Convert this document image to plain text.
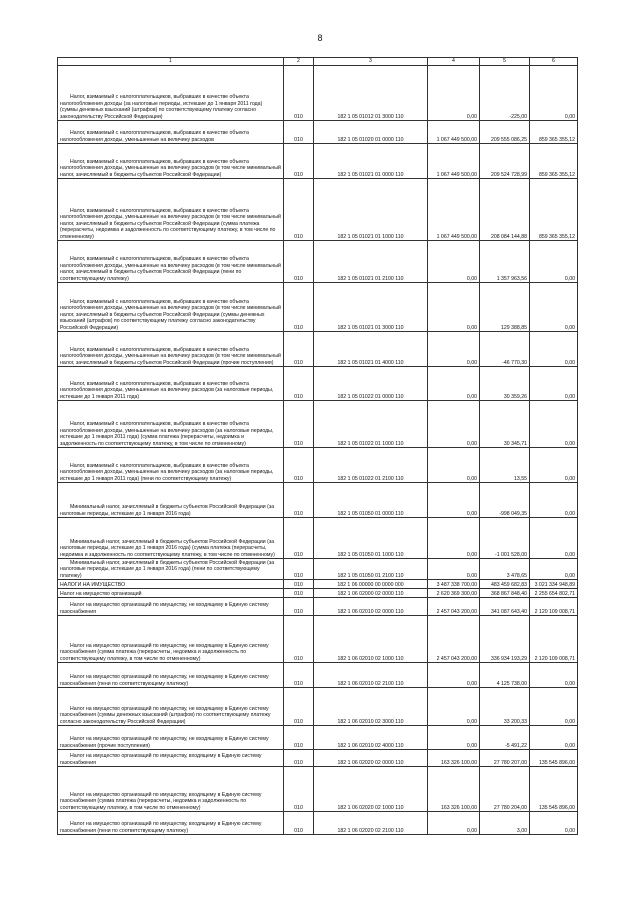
8
1	2	3	4	5	6
Налог, взимаемый с налогоплательщиков, выбравших в качестве объекта налогообложения доходы (за налоговые периоды, истекшие до 1 января 2011 года) (суммы денежных взысканий (штрафов) по соответствующему платежу согласно законодательству Российской Федерации)	010	182 1 05 01012 01 3000 110	0,00	-225,00	0,00
Налог, взимаемый с налогоплательщиков, выбравших в качестве объекта налогообложения доходы, уменьшенные на величину расходов	010	182 1 05 01020 01 0000 110	1 067 449 500,00	209 555 086,25	859 365 355,12
Налог, взимаемый с налогоплательщиков, выбравших в качестве объекта налогообложения доходы, уменьшенные на величину расходов (в том числе минимальный налог, зачисляемый в бюджеты субъектов Российской Федерации)	010	182 1 05 01021 01 0000 110	1 067 449 500,00	209 524 728,99	859 365 355,12
Налог, взимаемый с налогоплательщиков, выбравших в качестве объекта налогообложения доходы, уменьшенные на величину расходов (в том числе минимальный налог, зачисляемый в бюджеты субъектов Российской Федерации (сумма платежа (перерасчеты, недоимка и задолженность по соответствующему платежу, в том числе по отмененному)	010	182 1 05 01021 01 1000 110	1 067 449 500,00	208 084 144,88	859 365 355,12
Налог, взимаемый с налогоплательщиков, выбравших в качестве объекта налогообложения доходы, уменьшенные на величину расходов (в том числе минимальный налог, зачисляемый в бюджеты субъектов Российской Федерации (пени по соответствующему платежу)	010	182 1 05 01021 01 2100 110	0,00	1 357 963,56	0,00
Налог, взимаемый с налогоплательщиков, выбравших в качестве объекта налогообложения доходы, уменьшенные на величину расходов (в том числе минимальный налог, зачисляемый в бюджеты субъектов Российской Федерации (суммы денежных взысканий (штрафов) по соответствующему платежу согласно законодательству Российской Федерации)	010	182 1 05 01021 01 3000 110	0,00	129 388,85	0,00
Налог, взимаемый с налогоплательщиков, выбравших в качестве объекта налогообложения доходы, уменьшенные на величину расходов (в том числе минимальный налог, зачисляемый в бюджеты субъектов Российской Федерации (прочие поступления)	010	182 1 05 01021 01 4000 110	0,00	-46 770,30	0,00
Налог, взимаемый с налогоплательщиков, выбравших в качестве объекта налогообложения доходы, уменьшенные на величину расходов (за налоговые периоды, истекшие до 1 января 2011 года)	010	182 1 05 01022 01 0000 110	0,00	30 359,26	0,00
Налог, взимаемый с налогоплательщиков, выбравших в качестве объекта налогообложения доходы, уменьшенные на величину расходов (за налоговые периоды, истекшие до 1 января 2011 года) (сумма платежа (перерасчеты, недоимка и задолженность по соответствующему платежу, в том числе по отмененному)	010	182 1 05 01022 01 1000 110	0,00	30 345,71	0,00
Налог, взимаемый с налогоплательщиков, выбравших в качестве объекта налогообложения доходы, уменьшенные на величину расходов (за налоговые периоды, истекшие до 1 января 2011 года) (пени по соответствующему платежу)	010	182 1 05 01022 01 2100 110	0,00	13,55	0,00
Минимальный налог, зачисляемый в бюджеты субъектов Российской Федерации (за налоговые периоды, истекшие до 1 января 2016 года)	010	182 1 05 01050 01 0000 110	0,00	-998 049,35	0,00
Минимальный налог, зачисляемый в бюджеты субъектов Российской Федерации (за налоговые периоды, истекшие до 1 января 2016 года) (сумма платежа (перерасчеты, недоимка и задолженность по соответствующему платежу, в том числе по отмененному)	010	182 1 05 01050 01 1000 110	0,00	-1 001 528,00	0,00
Минимальный налог, зачисляемый в бюджеты субъектов Российской Федерации (за налоговые периоды, истекшие до 1 января 2016 года) (пени по соответствующему платежу)	010	182 1 05 01050 01 2100 110	0,00	3 478,65	0,00
НАЛОГИ НА ИМУЩЕСТВО	010	182 1 06 00000 00 0000 000	3 487 338 700,00	483 459 682,83	3 021 334 948,89
Налог на имущество организаций	010	182 1 06 02000 02 0000 110	2 620 369 300,00	368 867 848,40	2 255 654 802,71
Налог на имущество организаций по имуществу, не входящему в Единую систему газоснабжения	010	182 1 06 02010 02 0000 110	2 457 043 200,00	341 087 643,40	2 120 109 008,71
Налог на имущество организаций по имуществу, не входящему в Единую систему газоснабжения (сумма платежа (перерасчеты, недоимка и задолженность по соответствующему платежу, в том числе по отмененному)	010	182 1 06 02010 02 1000 110	2 457 043 200,00	336 934 193,29	2 120 109 008,71
Налог на имущество организаций по имуществу, не входящему в Единую систему газоснабжения (пени по соответствующему платежу)	010	182 1 06 02010 02 2100 110	0,00	4 125 738,00	0,00
Налог на имущество организаций по имуществу, не входящему в Единую систему газоснабжения (суммы денежных взысканий (штрафов) по соответствующему платежу согласно законодательству Российской Федерации)	010	182 1 06 02010 02 3000 110	0,00	33 200,33	0,00
Налог на имущество организаций по имуществу, не входящему в Единую систему газоснабжения (прочие поступления)	010	182 1 06 02010 02 4000 110	0,00	-5 491,22	0,00
Налог на имущество организаций по имуществу, входящему в Единую систему газоснабжения	010	182 1 06 02020 02 0000 110	163 326 100,00	27 780 207,00	135 545 896,00
Налог на имущество организаций по имуществу, входящему в Единую систему газоснабжения (сумма платежа (перерасчеты, недоимка и задолженность по соответствующему платежу, в том числе по отмененному)	010	182 1 06 02020 02 1000 110	163 326 100,00	27 780 204,00	135 545 896,00
Налог на имущество организаций по имуществу, входящему в Единую систему газоснабжения (пени по соответствующему платежу)	010	182 1 06 02020 02 2100 110	0,00	3,00	0,00
